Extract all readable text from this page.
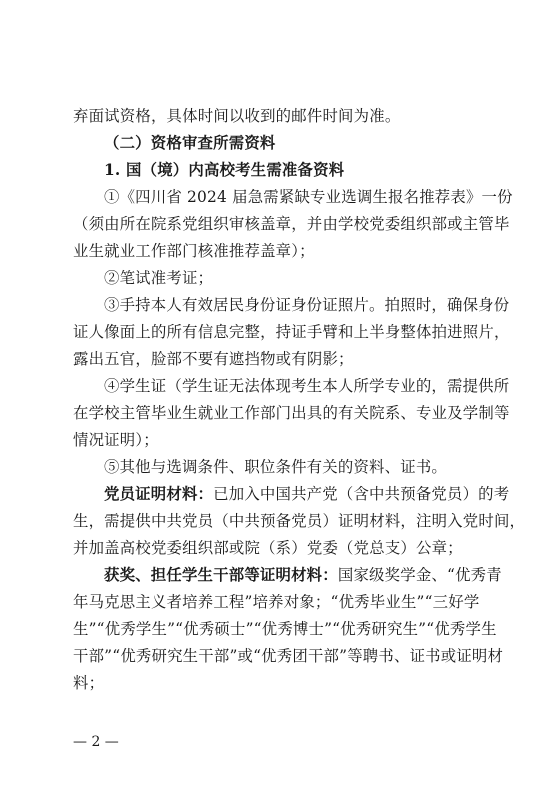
弃面试资格，具体时间以收到的邮件时间为准。
（二）资格审查所需资料
1. 国（境）内高校考生需准备资料
①《四川省 2024 届急需紧缺专业选调生报名推荐表》一份
（须由所在院系党组织审核盖章，并由学校党委组织部或主管毕
业生就业工作部门核准推荐盖章）；
②笔试准考证；
③手持本人有效居民身份证身份证照片。拍照时，确保身份
证人像面上的所有信息完整，持证手臂和上半身整体拍进照片，
露出五官，脸部不要有遮挡物或有阴影；
④学生证（学生证无法体现考生本人所学专业的，需提供所
在学校主管毕业生就业工作部门出具的有关院系、专业及学制等
情况证明）；
⑤其他与选调条件、职位条件有关的资料、证书。
党员证明材料：已加入中国共产党（含中共预备党员）的考
生，需提供中共党员（中共预备党员）证明材料，注明入党时间，
并加盖高校党委组织部或院（系）党委（党总支）公章；
获奖、担任学生干部等证明材料：国家级奖学金、“优秀青
年马克思主义者培养工程”培养对象；“优秀毕业生”“三好学
生”“优秀学生”“优秀硕士”“优秀博士”“优秀研究生”“优秀学生
干部”“优秀研究生干部”或“优秀团干部”等聘书、证书或证明材
料；
— 2 —
